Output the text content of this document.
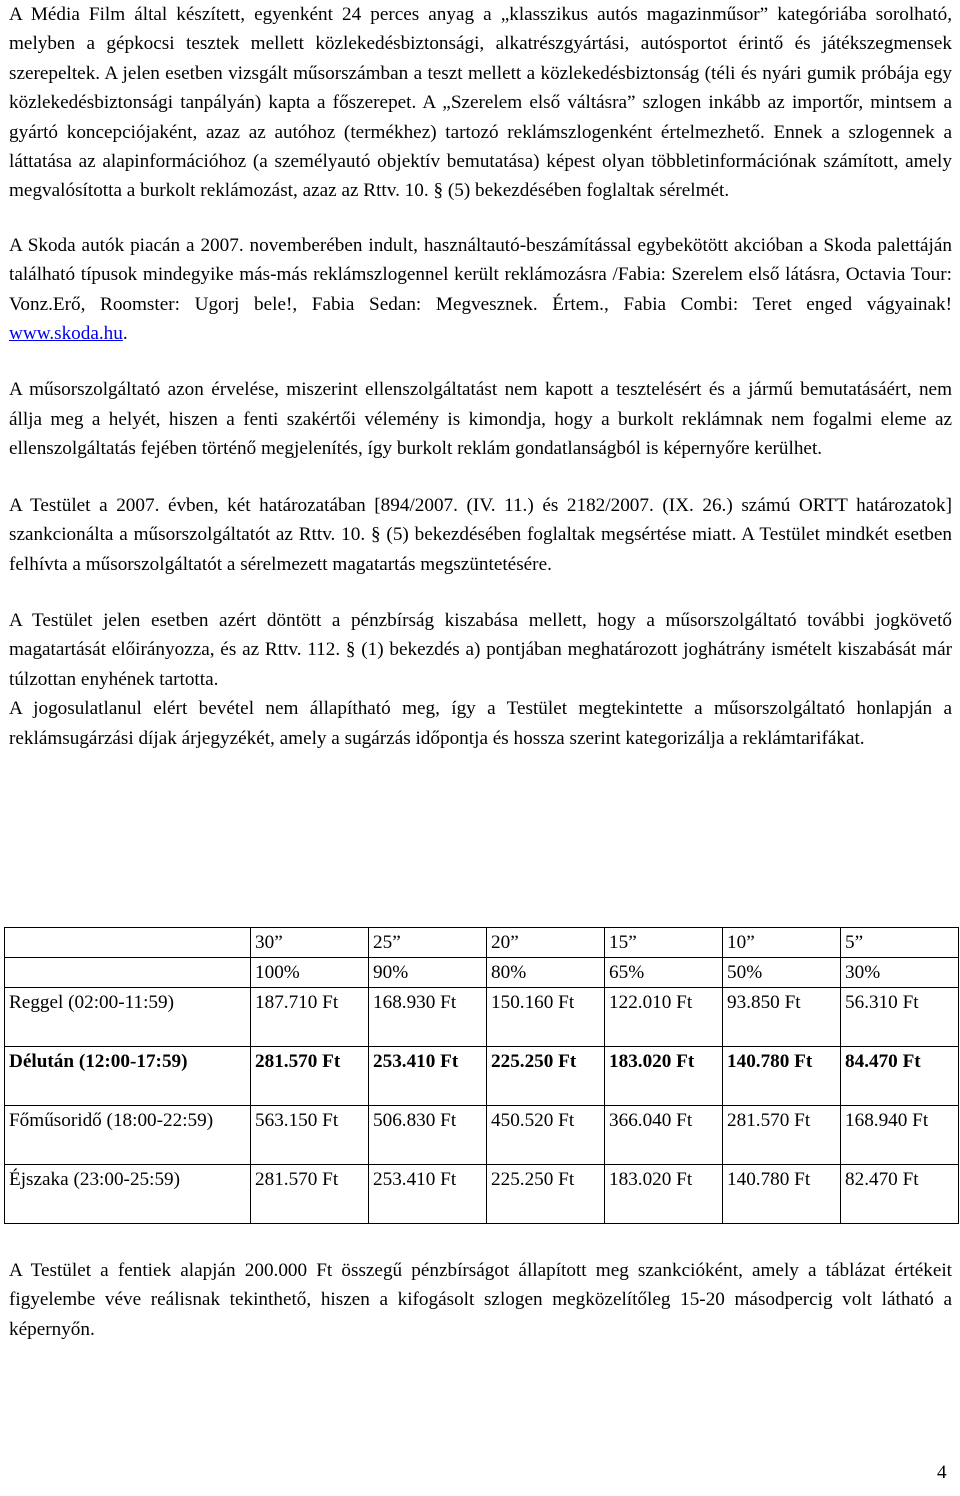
A Média Film által készített, egyenként 24 perces anyag a „klasszikus autós magazinműsor” kategóriába sorolható, melyben a gépkocsi tesztek mellett közlekedésbiztonsági, alkatrészgyártási, autósportot érintő és játékszegmensek szerepeltek. A jelen esetben vizsgált műsorszámban a teszt mellett a közlekedésbiztonság (téli és nyári gumik próbája egy közlekedésbiztonsági tanpályán) kapta a főszerepet. A „Szerelem első váltásra” szlogen inkább az importőr, mintsem a gyártó koncepciójaként, azaz az autóhoz (termékhez) tartozó reklámszlogenként értelmezhető. Ennek a szlogennek a láttatása az alapinformációhoz (a személyautó objektív bemutatása) képest olyan többletinformációnak számított, amely megvalósította a burkolt reklámozást, azaz az Rttv. 10. § (5) bekezdésében foglaltak sérelmét.

A Skoda autók piacán a 2007. novemberében indult, használtautó-beszámítással egybekötött akcióban a Skoda palettáján található típusok mindegyike más-más reklámszlogennel került reklámozásra /Fabia: Szerelem első látásra, Octavia Tour: Vonz.Erő, Roomster: Ugorj bele!, Fabia Sedan: Megvesznek. Értem., Fabia Combi: Teret enged vágyainak! www.skoda.hu.

A műsorszolgáltató azon érvelése, miszerint ellenszolgáltatást nem kapott a tesztelésért és a jármű bemutatásáért, nem állja meg a helyét, hiszen a fenti szakértői vélemény is kimondja, hogy a burkolt reklámnak nem fogalmi eleme az ellenszolgáltatás fejében történő megjelenítés, így burkolt reklám gondatlanságból is képernyőre kerülhet.

A Testület a 2007. évben, két határozatában [894/2007. (IV. 11.) és 2182/2007. (IX. 26.) számú ORTT határozatok] szankcionálta a műsorszolgáltatót az Rttv. 10. § (5) bekezdésében foglaltak megsértése miatt. A Testület mindkét esetben felhívta a műsorszolgáltatót a sérelmezett magatartás megszüntetésére.

A Testület jelen esetben azért döntött a pénzbírság kiszabása mellett, hogy a műsorszolgáltató további jogkövető magatartását előirányozza, és az Rttv. 112. § (1) bekezdés a) pontjában meghatározott joghátrány ismételt kiszabását már túlzottan enyhének tartotta.

A jogosulatlanul elért bevétel nem állapítható meg, így a Testület megtekintette a műsorszolgáltató honlapján a reklámsugárzási díjak árjegyzékét, amely a sugárzás időpontja és hossza szerint kategorizálja a reklámtarifákat.

	30”	25”	20”	15”	10”	5”
	100%	90%	80%	65%	50%	30%
Reggel (02:00-11:59)	187.710 Ft	168.930 Ft	150.160 Ft	122.010 Ft	93.850 Ft	56.310 Ft
Délután (12:00-17:59)	281.570 Ft	253.410 Ft	225.250 Ft	183.020 Ft	140.780 Ft	84.470 Ft
Főműsoridő (18:00-22:59)	563.150 Ft	506.830 Ft	450.520 Ft	366.040 Ft	281.570 Ft	168.940 Ft
Éjszaka (23:00-25:59)	281.570 Ft	253.410 Ft	225.250 Ft	183.020 Ft	140.780 Ft	82.470 Ft

A Testület a fentiek alapján 200.000 Ft összegű pénzbírságot állapított meg szankcióként, amely a táblázat értékeit figyelembe véve reálisnak tekinthető, hiszen a kifogásolt szlogen megközelítőleg 15-20 másodpercig volt látható a képernyőn.

4
